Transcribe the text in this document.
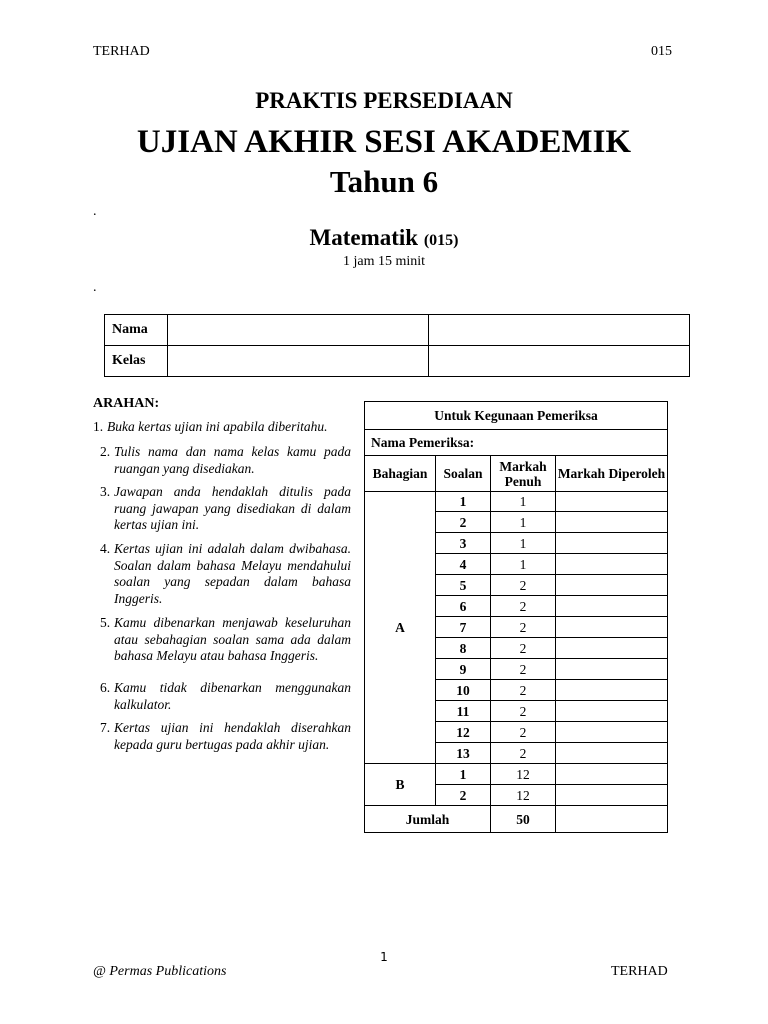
TERHAD	015
PRAKTIS PERSEDIAAN
UJIAN AKHIR SESI AKADEMIK
Tahun 6
.
Matematik (015)
1 jam 15 minit
.
Nama		
Kelas		
ARAHAN:
1. Buka kertas ujian ini apabila diberitahu.
2. Tulis nama dan nama kelas kamu pada ruangan yang disediakan.
3. Jawapan anda hendaklah ditulis pada ruang jawapan yang disediakan di dalam kertas ujian ini.
4. Kertas ujian ini adalah dalam dwibahasa. Soalan dalam bahasa Melayu mendahului soalan yang sepadan dalam bahasa Inggeris.
5. Kamu dibenarkan menjawab keseluruhan atau sebahagian soalan sama ada dalam bahasa Melayu atau bahasa Inggeris.
6. Kamu tidak dibenarkan menggunakan kalkulator.
7. Kertas ujian ini hendaklah diserahkan kepada guru bertugas pada akhir ujian.
Untuk Kegunaan Pemeriksa			
Nama Pemeriksa:			
Bahagian	Soalan	Markah Penuh	Markah Diperoleh
A	1	1	
	2	1	
	3	1	
	4	1	
	5	2	
	6	2	
	7	2	
	8	2	
	9	2	
	10	2	
	11	2	
	12	2	
	13	2	
B	1	12	
	2	12	
Jumlah		50	
1
@ Permas Publications	TERHAD
